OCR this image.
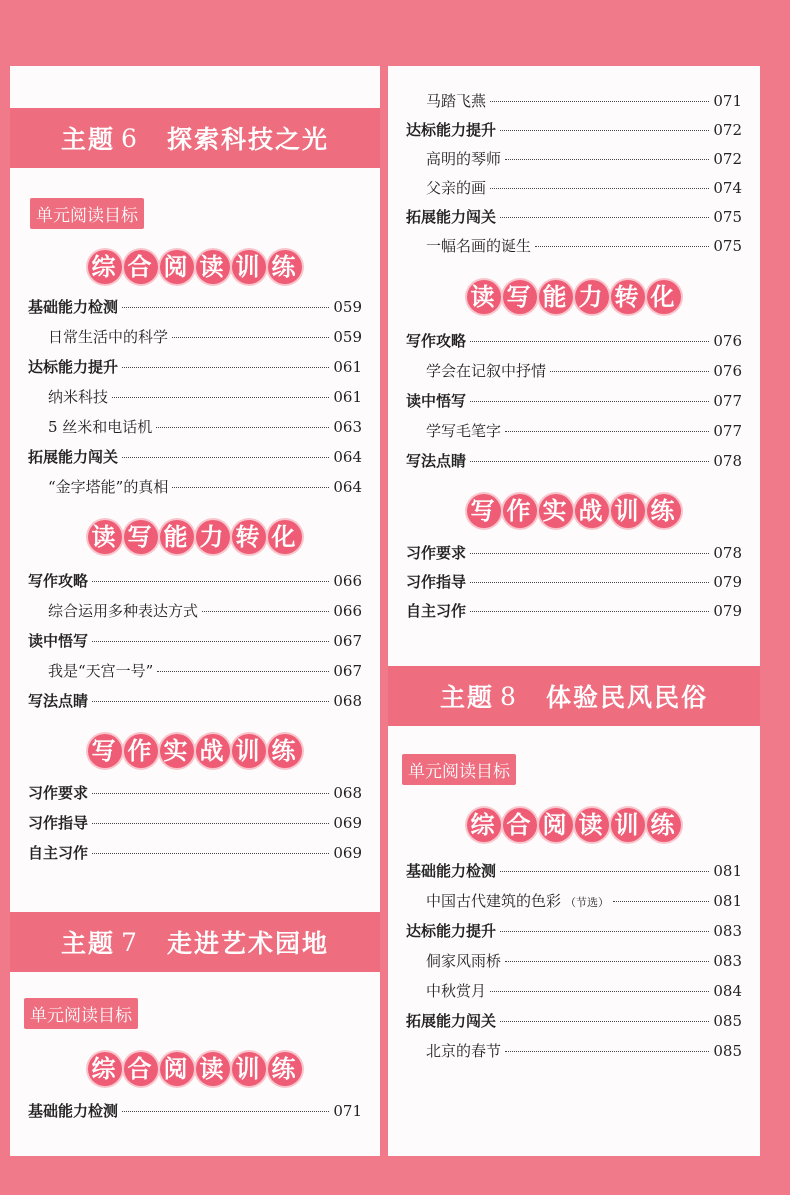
主题 6 探索科技之光
单元阅读目标
综 合 阅 读 训 练
基础能力检测	059
日常生活中的科学	059
达标能力提升	061
纳米科技	061
5 丝米和电话机	063
拓展能力闯关	064
“金字塔能”的真相	064
读 写 能 力 转 化
写作攻略	066
综合运用多种表达方式	066
读中悟写	067
我是“天宫一号”	067
写法点睛	068
写 作 实 战 训 练
习作要求	068
习作指导	069
自主习作	069
主题 7 走进艺术园地
单元阅读目标
综 合 阅 读 训 练
基础能力检测	071
马踏飞燕	071
达标能力提升	072
高明的琴师	072
父亲的画	074
拓展能力闯关	075
一幅名画的诞生	075
读 写 能 力 转 化
写作攻略	076
学会在记叙中抒情	076
读中悟写	077
学写毛笔字	077
写法点睛	078
写 作 实 战 训 练
习作要求	078
习作指导	079
自主习作	079
主题 8 体验民风民俗
单元阅读目标
综 合 阅 读 训 练
基础能力检测	081
中国古代建筑的色彩 （节选）	081
达标能力提升	083
侗家风雨桥	083
中秋赏月	084
拓展能力闯关	085
北京的春节	085
